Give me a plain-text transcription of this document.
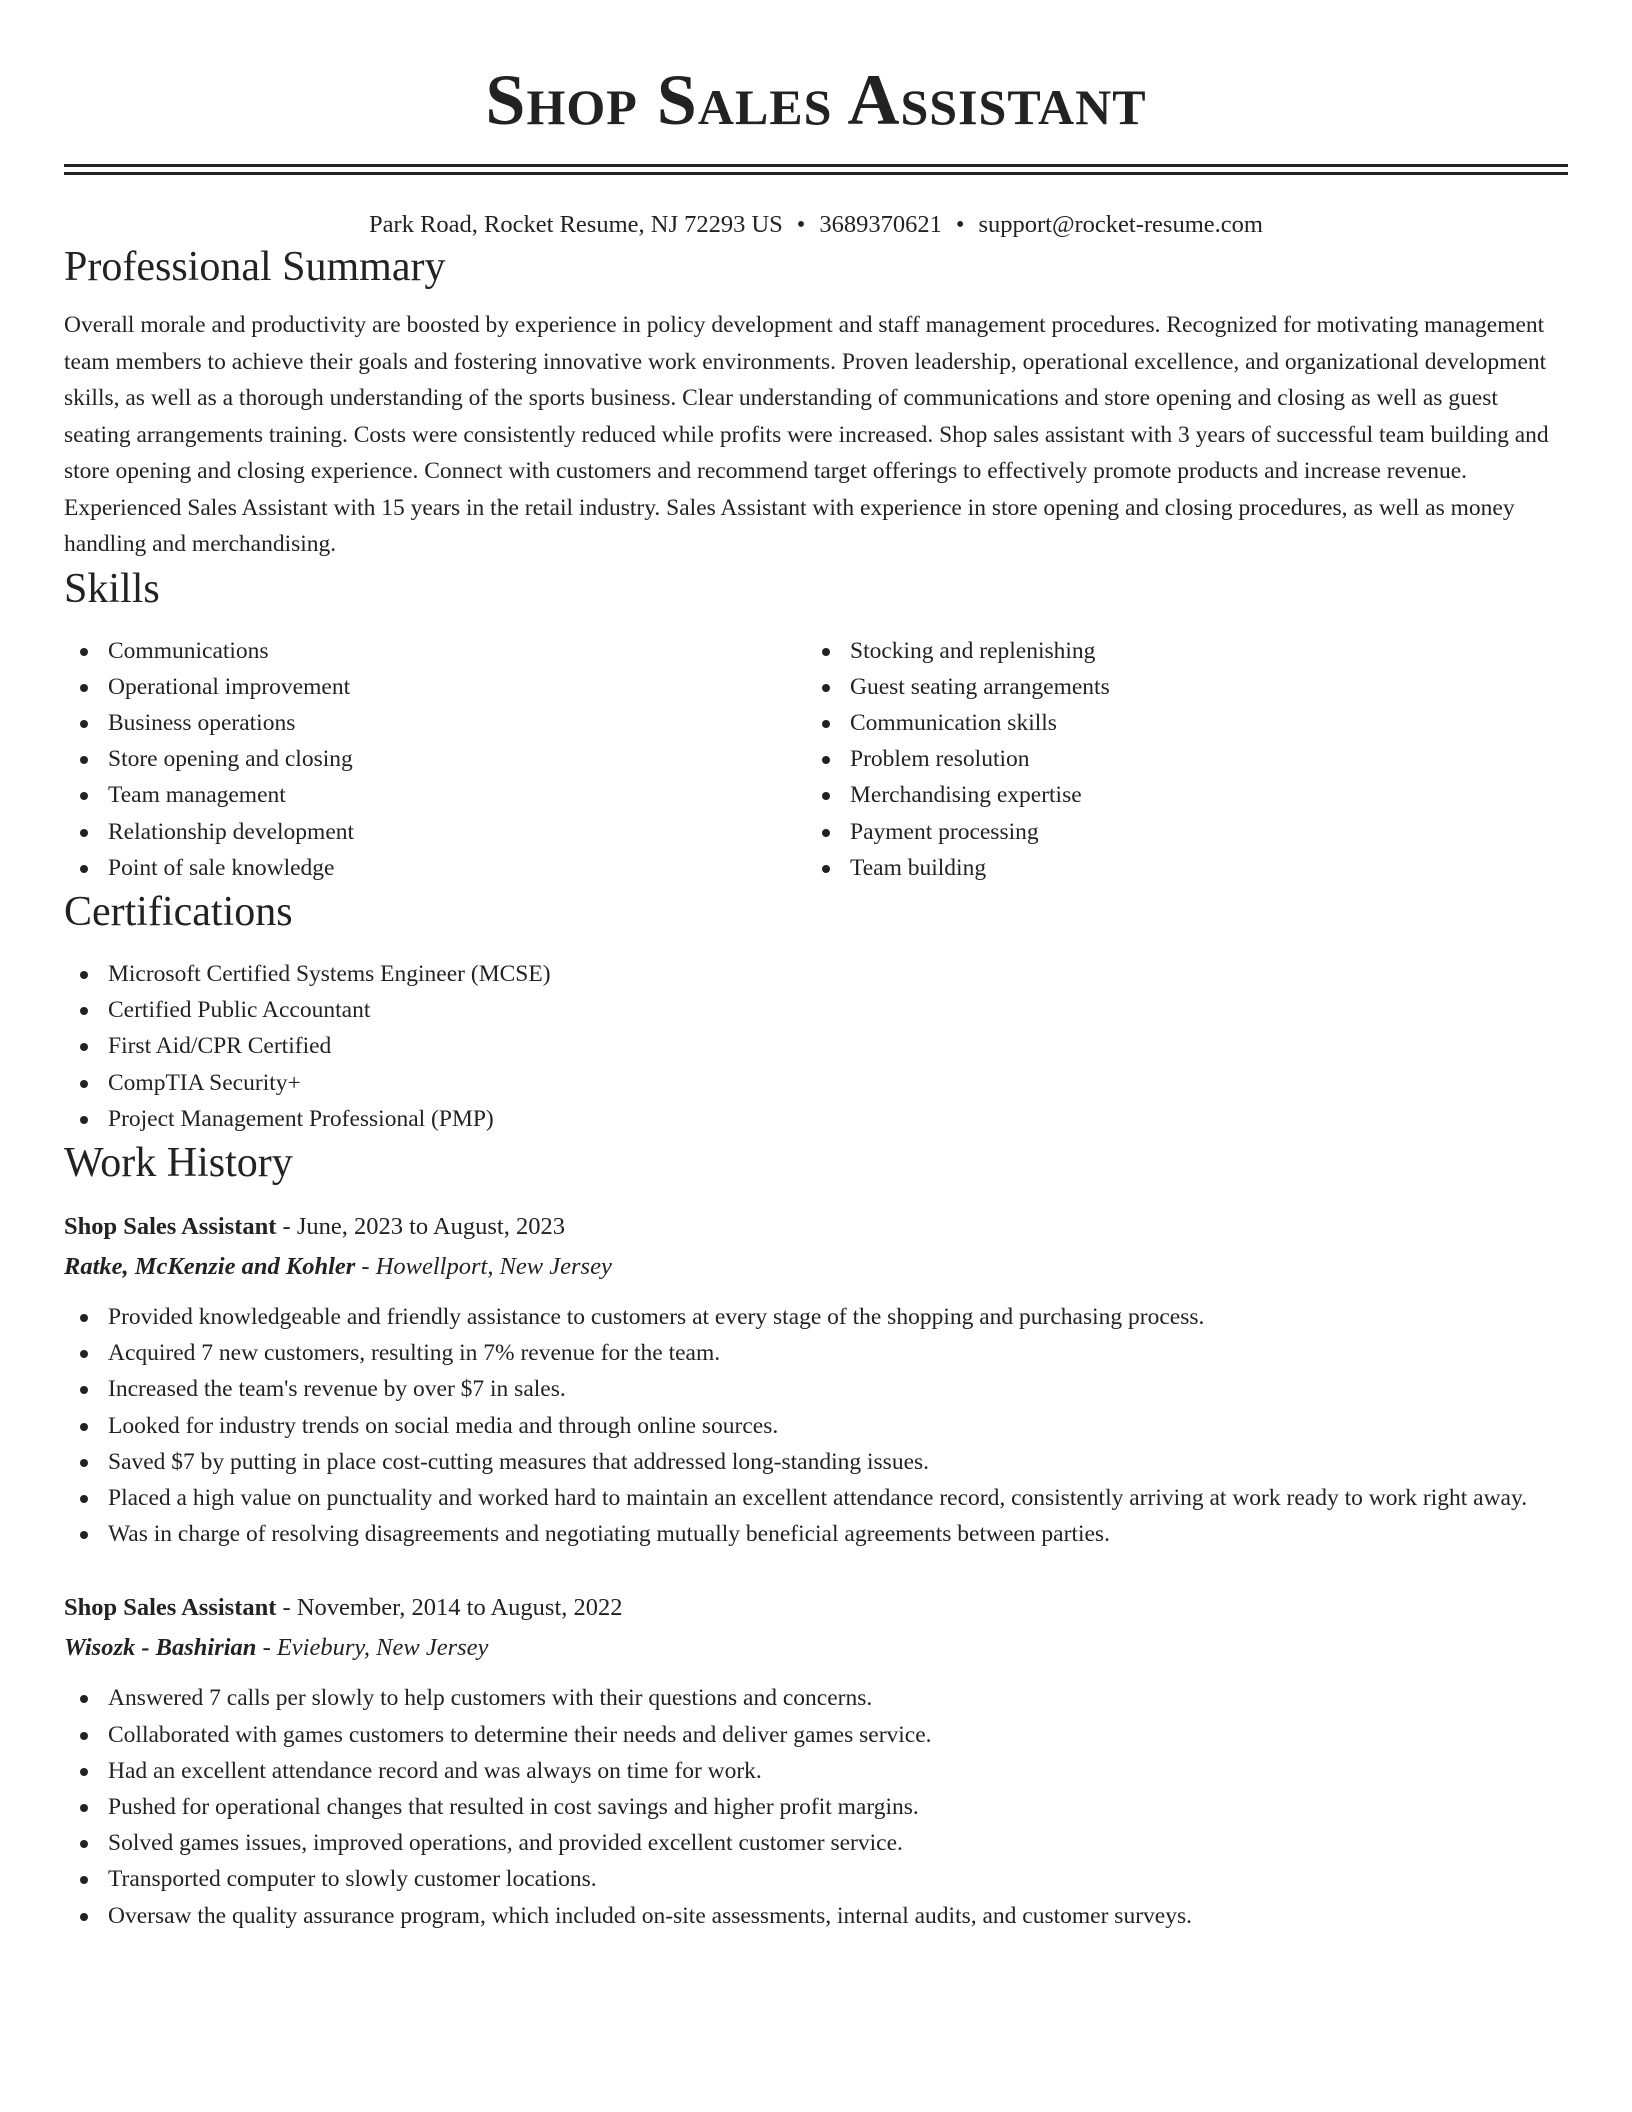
Shop Sales Assistant
Park Road, Rocket Resume, NJ 72293 US • 3689370621 • support@rocket-resume.com
Professional Summary

Overall morale and productivity are boosted by experience in policy development and staff management procedures. Recognized for motivating management team members to achieve their goals and fostering innovative work environments. Proven leadership, operational excellence, and organizational development skills, as well as a thorough understanding of the sports business. Clear understanding of communications and store opening and closing as well as guest seating arrangements training. Costs were consistently reduced while profits were increased. Shop sales assistant with 3 years of successful team building and store opening and closing experience. Connect with customers and recommend target offerings to effectively promote products and increase revenue. Experienced Sales Assistant with 15 years in the retail industry. Sales Assistant with experience in store opening and closing procedures, as well as money handling and merchandising.

Skills
Communications
Operational improvement
Business operations
Store opening and closing
Team management
Relationship development
Point of sale knowledge
Stocking and replenishing
Guest seating arrangements
Communication skills
Problem resolution
Merchandising expertise
Payment processing
Team building
Certifications
Microsoft Certified Systems Engineer (MCSE)
Certified Public Accountant
First Aid/CPR Certified
CompTIA Security+
Project Management Professional (PMP)
Work History
Shop Sales Assistant - June, 2023 to August, 2023
Ratke, McKenzie and Kohler - Howellport, New Jersey
Provided knowledgeable and friendly assistance to customers at every stage of the shopping and purchasing process.
Acquired 7 new customers, resulting in 7% revenue for the team.
Increased the team's revenue by over $7 in sales.
Looked for industry trends on social media and through online sources.
Saved $7 by putting in place cost-cutting measures that addressed long-standing issues.
Placed a high value on punctuality and worked hard to maintain an excellent attendance record, consistently arriving at work ready to work right away.
Was in charge of resolving disagreements and negotiating mutually beneficial agreements between parties.
Shop Sales Assistant - November, 2014 to August, 2022
Wisozk - Bashirian - Eviebury, New Jersey
Answered 7 calls per slowly to help customers with their questions and concerns.
Collaborated with games customers to determine their needs and deliver games service.
Had an excellent attendance record and was always on time for work.
Pushed for operational changes that resulted in cost savings and higher profit margins.
Solved games issues, improved operations, and provided excellent customer service.
Transported computer to slowly customer locations.
Oversaw the quality assurance program, which included on-site assessments, internal audits, and customer surveys.
